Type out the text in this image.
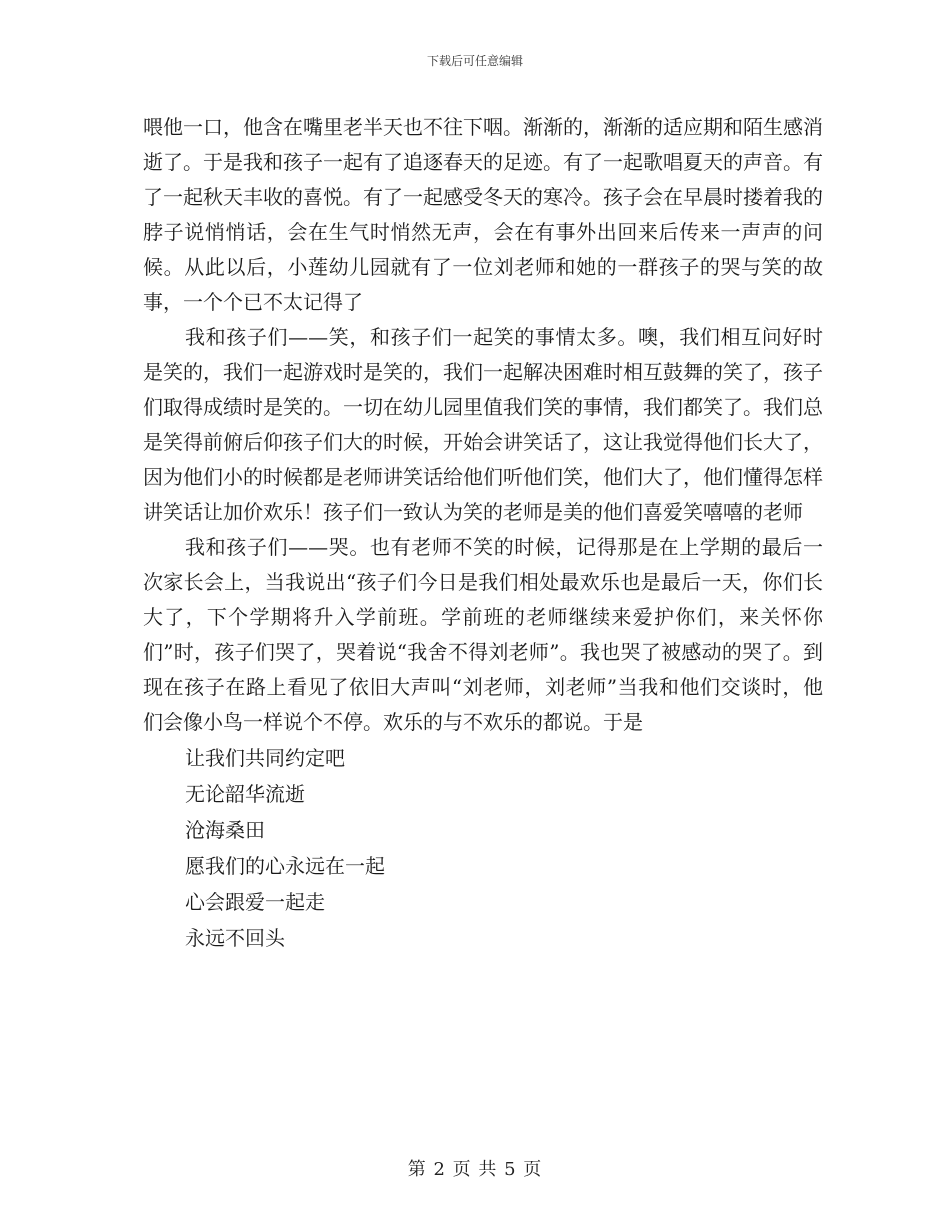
下载后可任意编辑

喂他一口，他含在嘴里老半天也不往下咽。渐渐的，渐渐的适应期和陌生感消逝了。于是我和孩子一起有了追逐春天的足迹。有了一起歌唱夏天的声音。有了一起秋天丰收的喜悦。有了一起感受冬天的寒冷。孩子会在早晨时搂着我的脖子说悄悄话，会在生气时悄然无声，会在有事外出回来后传来一声声的问候。从此以后，小莲幼儿园就有了一位刘老师和她的一群孩子的哭与笑的故事，一个个已不太记得了

我和孩子们——笑，和孩子们一起笑的事情太多。噢，我们相互问好时是笑的，我们一起游戏时是笑的，我们一起解决困难时相互鼓舞的笑了，孩子们取得成绩时是笑的。一切在幼儿园里值我们笑的事情，我们都笑了。我们总是笑得前俯后仰孩子们大的时候，开始会讲笑话了，这让我觉得他们长大了，因为他们小的时候都是老师讲笑话给他们听他们笑，他们大了，他们懂得怎样讲笑话让加价欢乐！孩子们一致认为笑的老师是美的他们喜爱笑嘻嘻的老师

我和孩子们——哭。也有老师不笑的时候，记得那是在上学期的最后一次家长会上，当我说出“孩子们今日是我们相处最欢乐也是最后一天，你们长大了，下个学期将升入学前班。学前班的老师继续来爱护你们，来关怀你们”时，孩子们哭了，哭着说“我舍不得刘老师”。我也哭了被感动的哭了。到现在孩子在路上看见了依旧大声叫“刘老师，刘老师”当我和他们交谈时，他们会像小鸟一样说个不停。欢乐的与不欢乐的都说。于是

让我们共同约定吧
无论韶华流逝
沧海桑田
愿我们的心永远在一起
心会跟爱一起走
永远不回头
第 2 页 共 5 页
